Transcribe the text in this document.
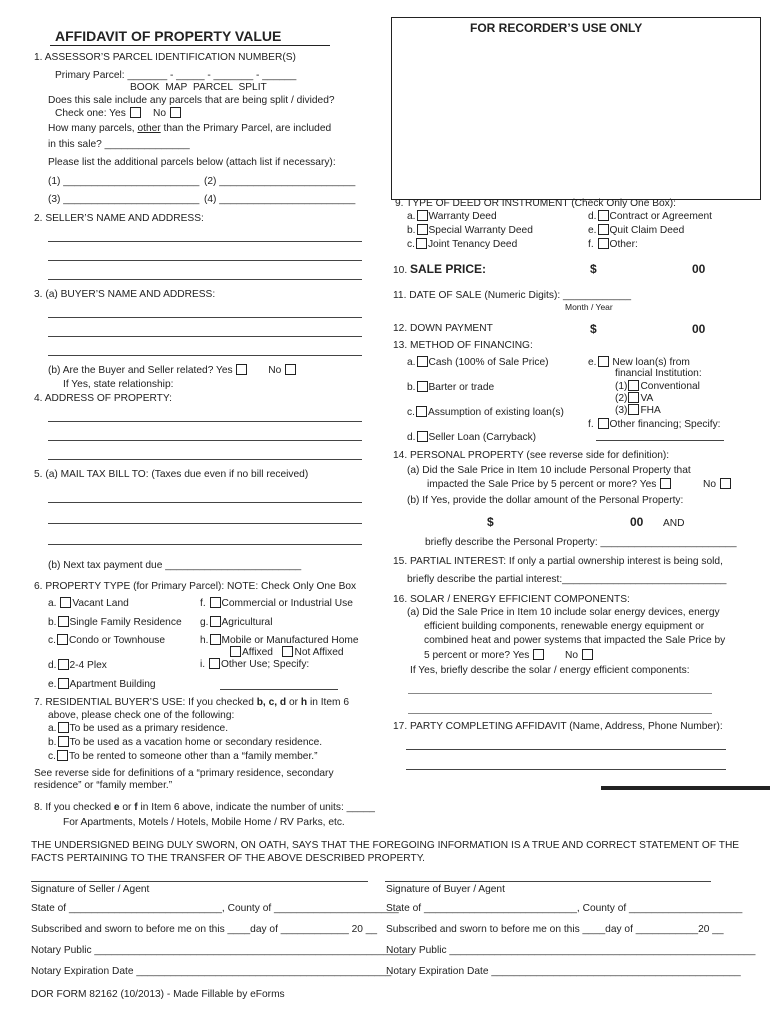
AFFIDAVIT OF PROPERTY VALUE	FOR RECORDER’S USE ONLY
1. ASSESSOR’S PARCEL IDENTIFICATION NUMBER(S)
Primary Parcel: _______ - _____ - _______ - ______
BOOK MAP PARCEL SPLIT
Does this sale include any parcels that are being split / divided?
Check one: Yes	No
How many parcels, other than the Primary Parcel, are included
in this sale? _______________
Please list the additional parcels below (attach list if necessary):
(1) ________________________ (2) ________________________
(3) ________________________ (4) ________________________
2. SELLER’S NAME AND ADDRESS:
3. (a) BUYER’S NAME AND ADDRESS:
(b) Are the Buyer and Seller related? Yes	No
If Yes, state relationship:
4. ADDRESS OF PROPERTY:
5. (a) MAIL TAX BILL TO: (Taxes due even if no bill received)
(b) Next tax payment due ________________________
6. PROPERTY TYPE (for Primary Parcel): NOTE: Check Only One Box
a. Vacant Land
b. Single Family Residence
c. Condo or Townhouse
d. 2-4 Plex
e. Apartment Building
f. Commercial or Industrial Use
g. Agricultural
h. Mobile or Manufactured Home
Affixed Not Affixed
i. Other Use; Specify:
7. RESIDENTIAL BUYER’S USE: If you checked b, c, d or h in Item 6
above, please check one of the following:
a. To be used as a primary residence.
b. To be used as a vacation home or secondary residence.
c. To be rented to someone other than a “family member.”
See reverse side for definitions of a “primary residence, secondary
residence” or “family member.”
8. If you checked e or f in Item 6 above, indicate the number of units: _____
For Apartments, Motels / Hotels, Mobile Home / RV Parks, etc.
9. TYPE OF DEED OR INSTRUMENT (Check Only One Box):
a. Warranty Deed
b. Special Warranty Deed
c. Joint Tenancy Deed
d. Contract or Agreement
e. Quit Claim Deed
f. Other:
10. SALE PRICE:	$	00
11. DATE OF SALE (Numeric Digits): ____________
Month / Year
12. DOWN PAYMENT	$	00
13. METHOD OF FINANCING:
a. Cash (100% of Sale Price)
b. Barter or trade
c. Assumption of existing loan(s)
d. Seller Loan (Carryback)
e. New loan(s) from
financial Institution:
(1) Conventional
(2) VA
(3) FHA
f. Other financing; Specify:
14. PERSONAL PROPERTY (see reverse side for definition):
(a) Did the Sale Price in Item 10 include Personal Property that
impacted the Sale Price by 5 percent or more? Yes	No
(b) If Yes, provide the dollar amount of the Personal Property:
$	00 AND
briefly describe the Personal Property: ________________________
15. PARTIAL INTEREST: If only a partial ownership interest is being sold,
briefly describe the partial interest:_____________________________
16. SOLAR / ENERGY EFFICIENT COMPONENTS:
(a) Did the Sale Price in Item 10 include solar energy devices, energy
efficient building components, renewable energy equipment or
combined heat and power systems that impacted the Sale Price by
5 percent or more? Yes	No
If Yes, briefly describe the solar / energy efficient components:
17. PARTY COMPLETING AFFIDAVIT (Name, Address, Phone Number):
THE UNDERSIGNED BEING DULY SWORN, ON OATH, SAYS THAT THE FOREGOING INFORMATION IS A TRUE AND CORRECT STATEMENT OF THE
FACTS PERTAINING TO THE TRANSFER OF THE ABOVE DESCRIBED PROPERTY.
Signature of Seller / Agent
State of ___________________________, County of ______________________
Subscribed and sworn to before me on this ____day of ____________ 20 __
Notary Public ________________________________________________________
Notary Expiration Date _____________________________________________
Signature of Buyer / Agent
State of ___________________________, County of ____________________
Subscribed and sworn to before me on this ____day of ___________20 __
Notary Public ______________________________________________________
Notary Expiration Date ____________________________________________
DOR FORM 82162 (10/2013) - Made Fillable by eForms
